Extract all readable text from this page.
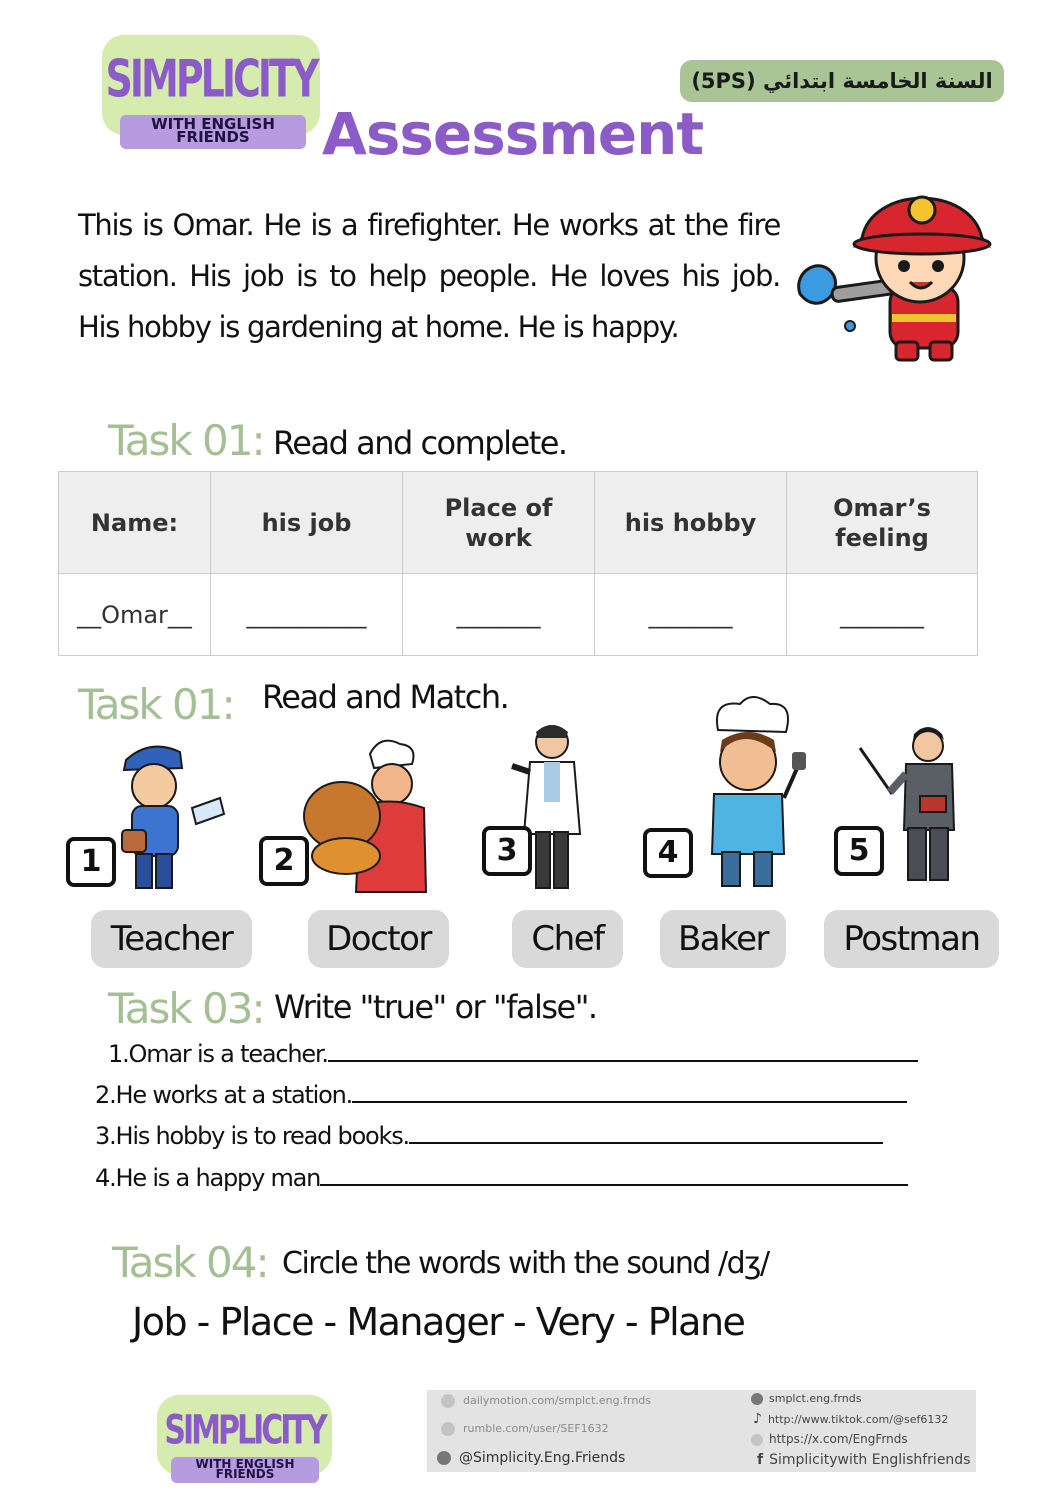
SIMPLICITY
WITH ENGLISH
FRIENDS
السنة الخامسة ابتدائي (5PS)
Assessment
This is Omar. He is a firefighter. He works at the fire station. His job is to help people. He loves his job. His hobby is gardening at home. He is happy.
Task 01: Read and complete.
Name:	his job	Place of work	his hobby	Omar’s feeling
__Omar__	__________	_______	_______	_______
Task 01: Read and Match.
1	2	3	4	5
Teacher	Doctor	Chef	Baker	Postman
Task 03: Write "true" or "false".
1.Omar is a teacher.
2.He works at a station.
3.His hobby is to read books.
4.He is a happy man
Task 04: Circle the words with the sound /dʒ/
Job - Place - Manager - Very - Plane
SIMPLICITY
WITH ENGLISH
FRIENDS
dailymotion.com/smplct.eng.frnds
rumble.com/user/SEF1632
@Simplicity.Eng.Friends
smplct.eng.frnds
♪ http://www.tiktok.com/@sef6132
https://x.com/EngFrnds
f Simplicitywith Englishfriends
